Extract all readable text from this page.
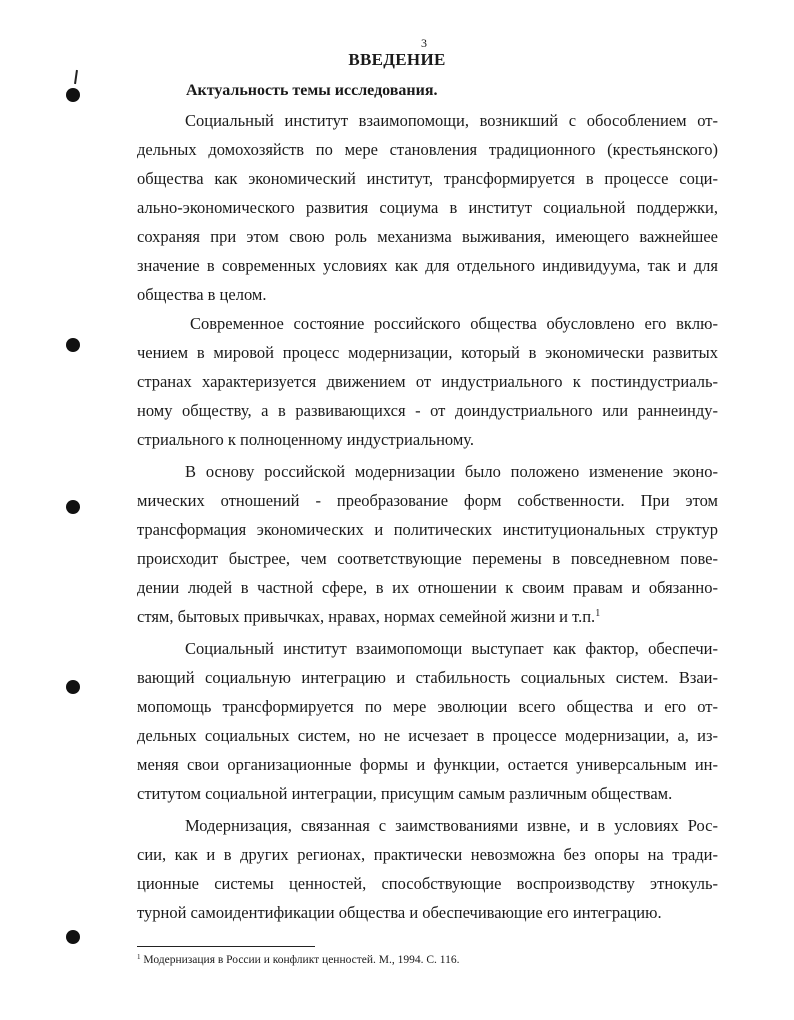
3
ВВЕДЕНИЕ
Актуальность темы исследования.
Социальный институт взаимопомощи, возникший с обособлением от-
дельных домохозяйств по мере становления традиционного (крестьянского)
общества как экономический институт, трансформируется в процессе соци-
ально-экономического развития социума в институт социальной поддержки,
сохраняя при этом свою роль механизма выживания, имеющего важнейшее
значение в современных условиях как для отдельного индивидуума, так и для
общества в целом.
Современное состояние российского общества обусловлено его вклю-
чением в мировой процесс модернизации, который в экономически развитых
странах характеризуется движением от индустриального к постиндустриаль-
ному обществу, а в развивающихся - от доиндустриального или раннеинду-
стриального к полноценному индустриальному.
В основу российской модернизации было положено изменение эконо-
мических отношений - преобразование форм собственности. При этом
трансформация экономических и политических институциональных структур
происходит быстрее, чем соответствующие перемены в повседневном пове-
дении людей в частной сфере, в их отношении к своим правам и обязанно-
стям, бытовых привычках, нравах, нормах семейной жизни и т.п.$^1$
Социальный институт взаимопомощи выступает как фактор, обеспечи-
вающий социальную интеграцию и стабильность социальных систем. Взаи-
мопомощь трансформируется по мере эволюции всего общества и его от-
дельных социальных систем, но не исчезает в процессе модернизации, а, из-
меняя свои организационные формы и функции, остается универсальным ин-
ститутом социальной интеграции, присущим самым различным обществам.
Модернизация, связанная с заимствованиями извне, и в условиях Рос-
сии, как и в других регионах, практически невозможна без опоры на тради-
ционные системы ценностей, способствующие воспроизводству этнокуль-
турной самоидентификации общества и обеспечивающие его интеграцию.
$^1$ Модернизация в России и конфликт ценностей. М., 1994. С. 116.
